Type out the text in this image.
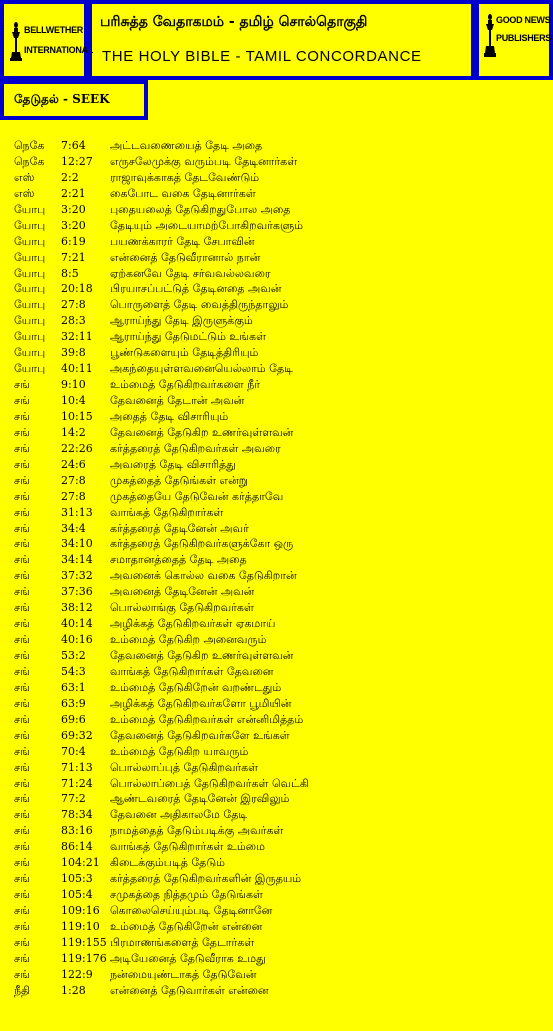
BELLWETHER
INTERNATIONAL
பரிசுத்த வேதாகமம் - தமிழ் சொல்தொகுதி
THE HOLY BIBLE - TAMIL CONCORDANCE
GOOD NEWS
PUBLISHERS
தேடுதல் - SEEK
நெகே 7:64 அட்டவணையைத் தேடி அதை
நெகே 12:27 எருசலேமுக்கு வரும்படி தேடினார்கள்
எஸ் 2:2	ராஜாவுக்காகத் தேடவேண்டும்
எஸ் 2:21 கைபோட வகை தேடினார்கள்
யோபு 3:20 புதையலைத் தேடுகிறதுபோல அதை
யோபு 3:20 தேடியும் அடையாமற்போகிறவர்களும்
யோபு 6:19 பயணக்காரர் தேடி சேபாவின்
யோபு 7:21 என்னைத் தேடுவீரானால் நான்
யோபு 8:5	ஏற்கனவே தேடி சர்வவல்லவரை
யோபு 20:18 பிரயாசப்பட்டுத் தேடினதை அவன்
யோபு 27:8 பொருளைத் தேடி வைத்திருந்தாலும்
யோபு 28:3 ஆராய்ந்து தேடி இருளுக்கும்
யோபு 32:11 ஆராய்ந்து தேடுமட்டும் உங்கள்
யோபு 39:8 பூண்டுகளையும் தேடித்திரியும்
யோபு 40:11 அகந்தையுள்ளவனையெல்லாம் தேடி
சங்	9:10 உம்மைத் தேடுகிறவர்களை நீர்
சங்	10:4 தேவனைத் தேடான் அவன்
சங்	10:15 அதைத் தேடி விசாரியும்
சங்	14:2 தேவனைத் தேடுகிற உணர்வுள்ளவன்
சங்	22:26 கர்த்தரைத் தேடுகிறவர்கள் அவரை
சங்	24:6 அவரைத் தேடி விசாரித்து
சங்	27:8 முகத்தைத் தேடுங்கள் என்று
சங்	27:8 முகத்தையே தேடுவேன் கர்த்தாவே
சங்	31:13 வாங்கத் தேடுகிறார்கள்
சங்	34:4 கர்த்தரைத் தேடினேன் அவர்
சங்	34:10 கர்த்தரைத் தேடுகிறவர்களுக்கோ ஒரு
சங்	34:14 சமாதானத்தைத் தேடி அதை
சங்	37:32 அவனைக் கொல்ல வகை தேடுகிறான்
சங்	37:36 அவனைத் தேடினேன் அவன்
சங்	38:12 பொல்லாங்கு தேடுகிறவர்கள்
சங்	40:14 அழிக்கத் தேடுகிறவர்கள் ஏகமாய்
சங்	40:16 உம்மைத் தேடுகிற அனைவரும்
சங்	53:2 தேவனைத் தேடுகிற உணர்வுள்ளவன்
சங்	54:3 வாங்கத் தேடுகிறார்கள் தேவனை
சங்	63:1 உம்மைத் தேடுகிறேன் வறண்டதும்
சங்	63:9 அழிக்கத் தேடுகிறவர்களோ பூமியின்
சங்	69:6 உம்மைத் தேடுகிறவர்கள் என்னிமித்தம்
சங்	69:32 தேவனைத் தேடுகிறவர்களே உங்கள்
சங்	70:4 உம்மைத் தேடுகிற யாவரும்
சங்	71:13 பொல்லாப்புத் தேடுகிறவர்கள்
சங்	71:24 பொல்லாப்பைத் தேடுகிறவர்கள் வெட்கி
சங்	77:2 ஆண்டவரைத் தேடினேன் இரவிலும்
சங்	78:34 தேவனை அதிகாலமே தேடி
சங்	83:16 நாமத்தைத் தேடும்படிக்கு அவர்கள்
சங்	86:14 வாங்கத் தேடுகிறார்கள் உம்மை
சங்	104:21 கிடைக்கும்படித் தேடும்
சங்	105:3 கர்த்தரைத் தேடுகிறவர்களின் இருதயம்
சங்	105:4 சமுகத்தை நித்தமும் தேடுங்கள்
சங்	109:16 கொலைசெய்யும்படி தேடினானே
சங்	119:10 உம்மைத் தேடுகிறேன் என்னை
சங்	119:155 பிரமாணங்களைத் தேடார்கள்
சங்	119:176 அடியேனைத் தேடுவீராக உமது
சங்	122:9 நன்மையுண்டாகத் தேடுவேன்
நீதி	1:28 என்னைத் தேடுவார்கள் என்னை
